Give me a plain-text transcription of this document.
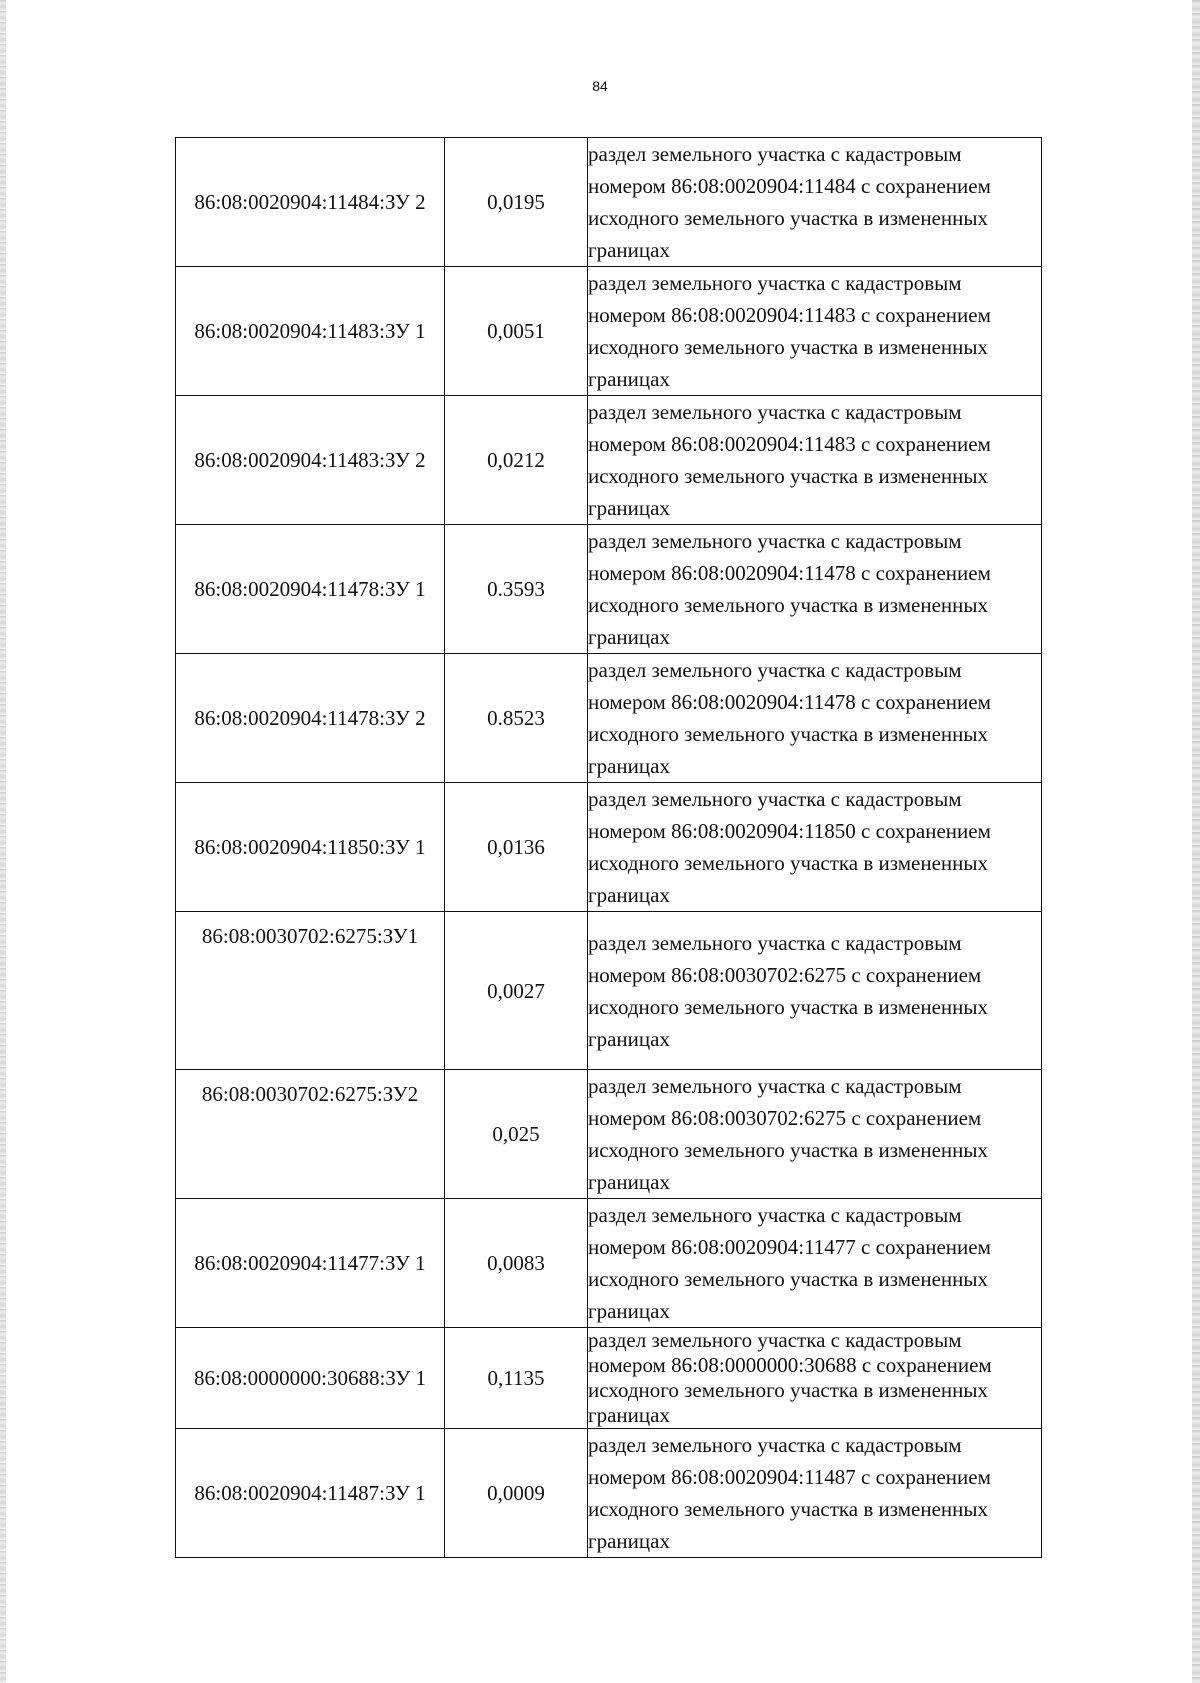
84
86:08:0020904:11484:ЗУ 2	0,0195	раздел земельного участка с кадастровым номером 86:08:0020904:11484 с сохранением исходного земельного участка в измененных границах
86:08:0020904:11483:ЗУ 1	0,0051	раздел земельного участка с кадастровым номером 86:08:0020904:11483 с сохранением исходного земельного участка в измененных границах
86:08:0020904:11483:ЗУ 2	0,0212	раздел земельного участка с кадастровым номером 86:08:0020904:11483 с сохранением исходного земельного участка в измененных границах
86:08:0020904:11478:ЗУ 1	0.3593	раздел земельного участка с кадастровым номером 86:08:0020904:11478 с сохранением исходного земельного участка в измененных границах
86:08:0020904:11478:ЗУ 2	0.8523	раздел земельного участка с кадастровым номером 86:08:0020904:11478 с сохранением исходного земельного участка в измененных границах
86:08:0020904:11850:ЗУ 1	0,0136	раздел земельного участка с кадастровым номером 86:08:0020904:11850 с сохранением исходного земельного участка в измененных границах
86:08:0030702:6275:ЗУ1	0,0027	раздел земельного участка с кадастровым номером 86:08:0030702:6275 с сохранением исходного земельного участка в измененных границах
86:08:0030702:6275:ЗУ2	0,025	раздел земельного участка с кадастровым номером 86:08:0030702:6275 с сохранением исходного земельного участка в измененных границах
86:08:0020904:11477:ЗУ 1	0,0083	раздел земельного участка с кадастровым номером 86:08:0020904:11477 с сохранением исходного земельного участка в измененных границах
86:08:0000000:30688:ЗУ 1	0,1135	раздел земельного участка с кадастровым номером 86:08:0000000:30688 с сохранением исходного земельного участка в измененных границах
86:08:0020904:11487:ЗУ 1	0,0009	раздел земельного участка с кадастровым номером 86:08:0020904:11487 с сохранением исходного земельного участка в измененных границах
